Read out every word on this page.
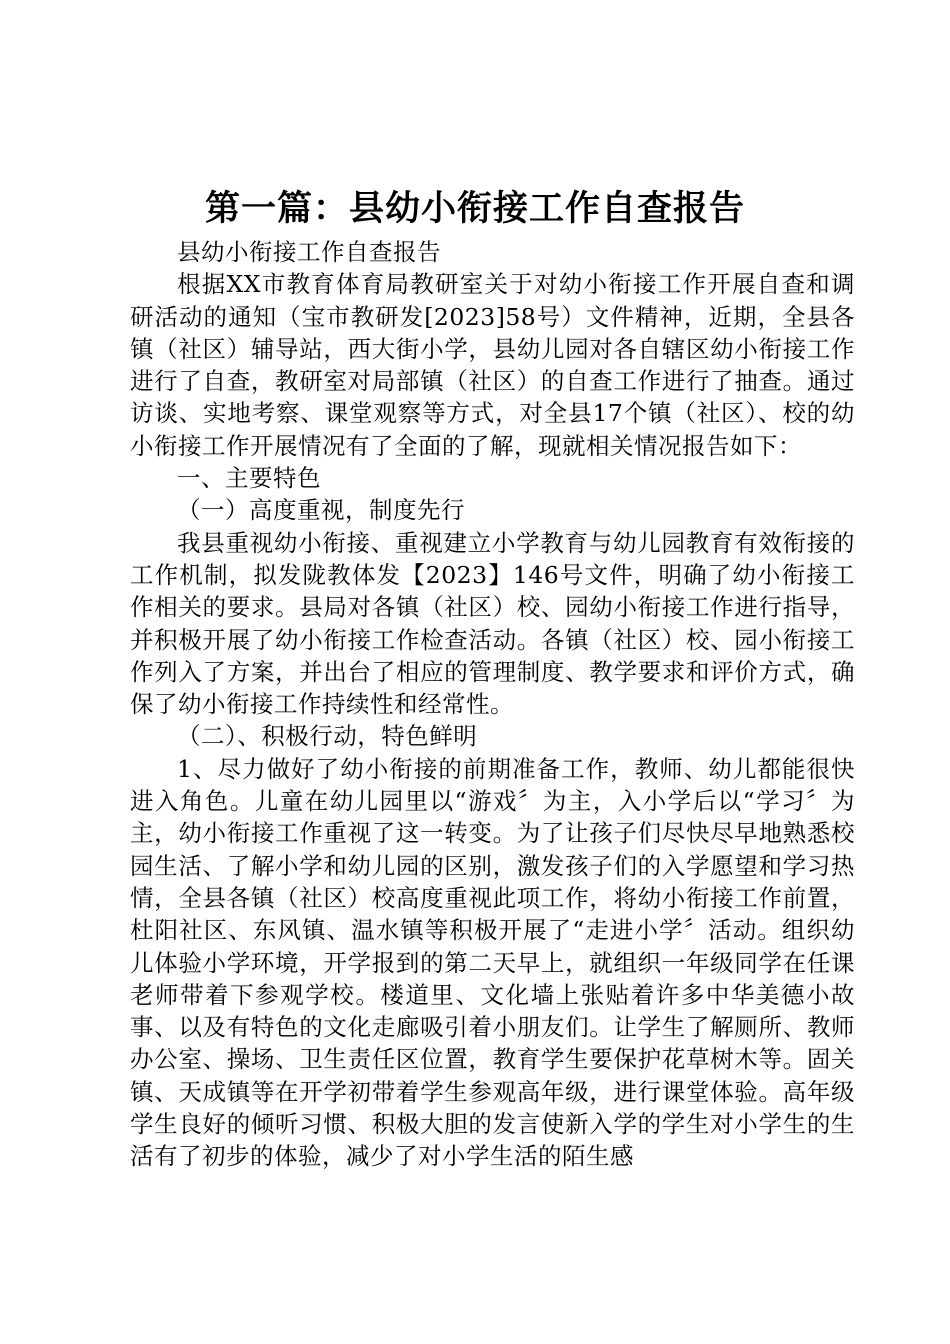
第一篇：县幼小衔接工作自查报告

县幼小衔接工作自查报告

根据XX市教育体育局教研室关于对幼小衔接工作开展自查和调研活动的通知（宝市教研发[2023]58号）文件精神，近期，全县各镇（社区）辅导站，西大街小学，县幼儿园对各自辖区幼小衔接工作进行了自查，教研室对局部镇（社区）的自查工作进行了抽查。通过访谈、实地考察、课堂观察等方式，对全县17个镇（社区）、校的幼小衔接工作开展情况有了全面的了解，现就相关情况报告如下：

一、主要特色

（一）高度重视，制度先行

我县重视幼小衔接、重视建立小学教育与幼儿园教育有效衔接的工作机制，拟发陇教体发【2023】146号文件，明确了幼小衔接工作相关的要求。县局对各镇（社区）校、园幼小衔接工作进行指导，并积极开展了幼小衔接工作检查活动。各镇（社区）校、园小衔接工作列入了方案，并出台了相应的管理制度、教学要求和评价方式，确保了幼小衔接工作持续性和经常性。

（二）、积极行动，特色鲜明

1、尽力做好了幼小衔接的前期准备工作，教师、幼儿都能很快进入角色。儿童在幼儿园里以“游戏〞为主，入小学后以“学习〞为主，幼小衔接工作重视了这一转变。为了让孩子们尽快尽早地熟悉校园生活、了解小学和幼儿园的区别，激发孩子们的入学愿望和学习热情，全县各镇（社区）校高度重视此项工作，将幼小衔接工作前置，杜阳社区、东风镇、温水镇等积极开展了“走进小学〞活动。组织幼儿体验小学环境，开学报到的第二天早上，就组织一年级同学在任课老师带着下参观学校。楼道里、文化墙上张贴着许多中华美德小故事、以及有特色的文化走廊吸引着小朋友们。让学生了解厕所、教师办公室、操场、卫生责任区位置，教育学生要保护花草树木等。固关镇、天成镇等在开学初带着学生参观高年级，进行课堂体验。高年级学生良好的倾听习惯、积极大胆的发言使新入学的学生对小学生的生活有了初步的体验，减少了对小学生活的陌生感
